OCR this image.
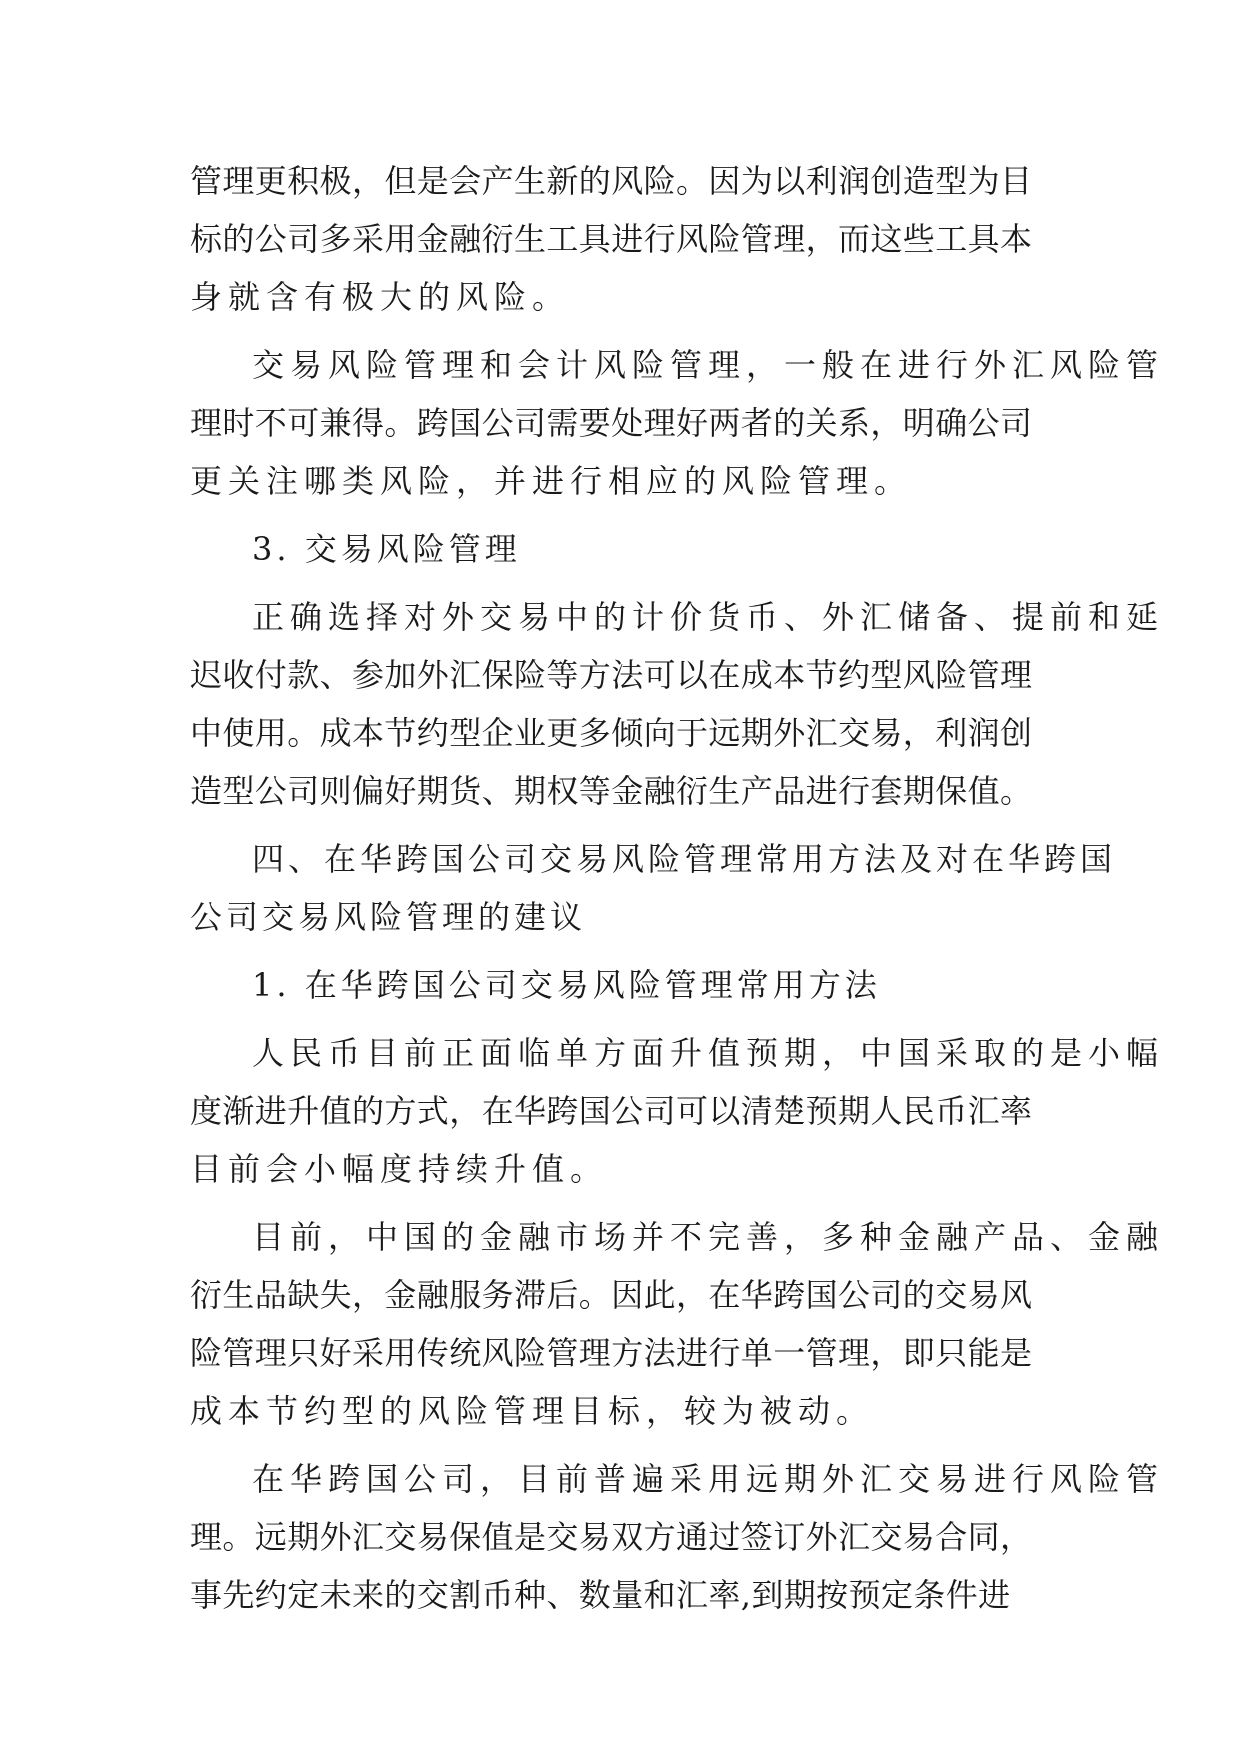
管理更积极，但是会产生新的风险。因为以利润创造型为目
标的公司多采用金融衍生工具进行风险管理，而这些工具本
身就含有极大的风险。
交易风险管理和会计风险管理，一般在进行外汇风险管
理时不可兼得。跨国公司需要处理好两者的关系，明确公司
更关注哪类风险，并进行相应的风险管理。
3. 交易风险管理
正确选择对外交易中的计价货币、外汇储备、提前和延
迟收付款、参加外汇保险等方法可以在成本节约型风险管理
中使用。成本节约型企业更多倾向于远期外汇交易，利润创
造型公司则偏好期货、期权等金融衍生产品进行套期保值。
四、在华跨国公司交易风险管理常用方法及对在华跨国
公司交易风险管理的建议
1. 在华跨国公司交易风险管理常用方法
人民币目前正面临单方面升值预期，中国采取的是小幅
度渐进升值的方式，在华跨国公司可以清楚预期人民币汇率
目前会小幅度持续升值。
目前，中国的金融市场并不完善，多种金融产品、金融
衍生品缺失，金融服务滞后。因此，在华跨国公司的交易风
险管理只好采用传统风险管理方法进行单一管理，即只能是
成本节约型的风险管理目标，较为被动。
在华跨国公司，目前普遍采用远期外汇交易进行风险管
理。远期外汇交易保值是交易双方通过签订外汇交易合同，
事先约定未来的交割币种、数量和汇率,到期按预定条件进
